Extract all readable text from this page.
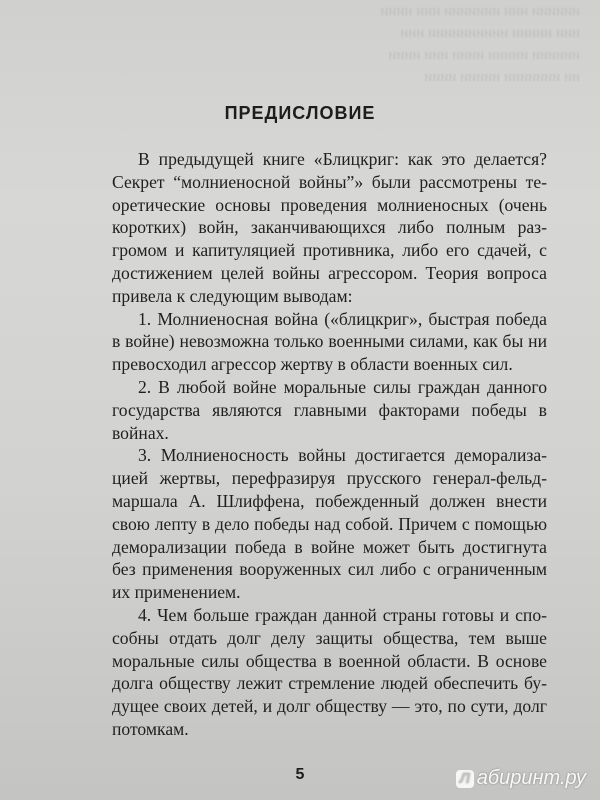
ииииии иии иииииии иии ииии
иии иииии ииииииииии иии
ииииии иииии ииии иии ииии
ии иииииии иииии ииии
ПРЕДИСЛОВИЕ

В предыдущей книге «Блицкриг: как это делается? Секрет “молниеносной войны”» были рассмотрены теоретические основы проведения молниеносных (очень коротких) войн, заканчивающихся либо полным разгромом и капитуляцией противника, либо его сдачей, с достижением целей войны агрессором. Теория вопроса привела к следующим выводам:

1. Молниеносная война («блицкриг», быстрая победа в войне) невозможна только военными силами, как бы ни превосходил агрессор жертву в области военных сил.

2. В любой войне моральные силы граждан данного государства являются главными факторами победы в войнах.

3. Молниеносность войны достигается деморализацией жертвы, перефразируя прусского генерал-фельдмаршала А. Шлиффена, побежденный должен внести свою лепту в дело победы над собой. Причем с помощью деморализации победа в войне может быть достигнута без применения вооруженных сил либо с ограниченным их применением.

4. Чем больше граждан данной страны готовы и способны отдать долг делу защиты общества, тем выше моральные силы общества в военной области. В основе долга обществу лежит стремление людей обеспечить будущее своих детей, и долг обществу — это, по сути, долг потомкам.

5	Л абиринт.ру
